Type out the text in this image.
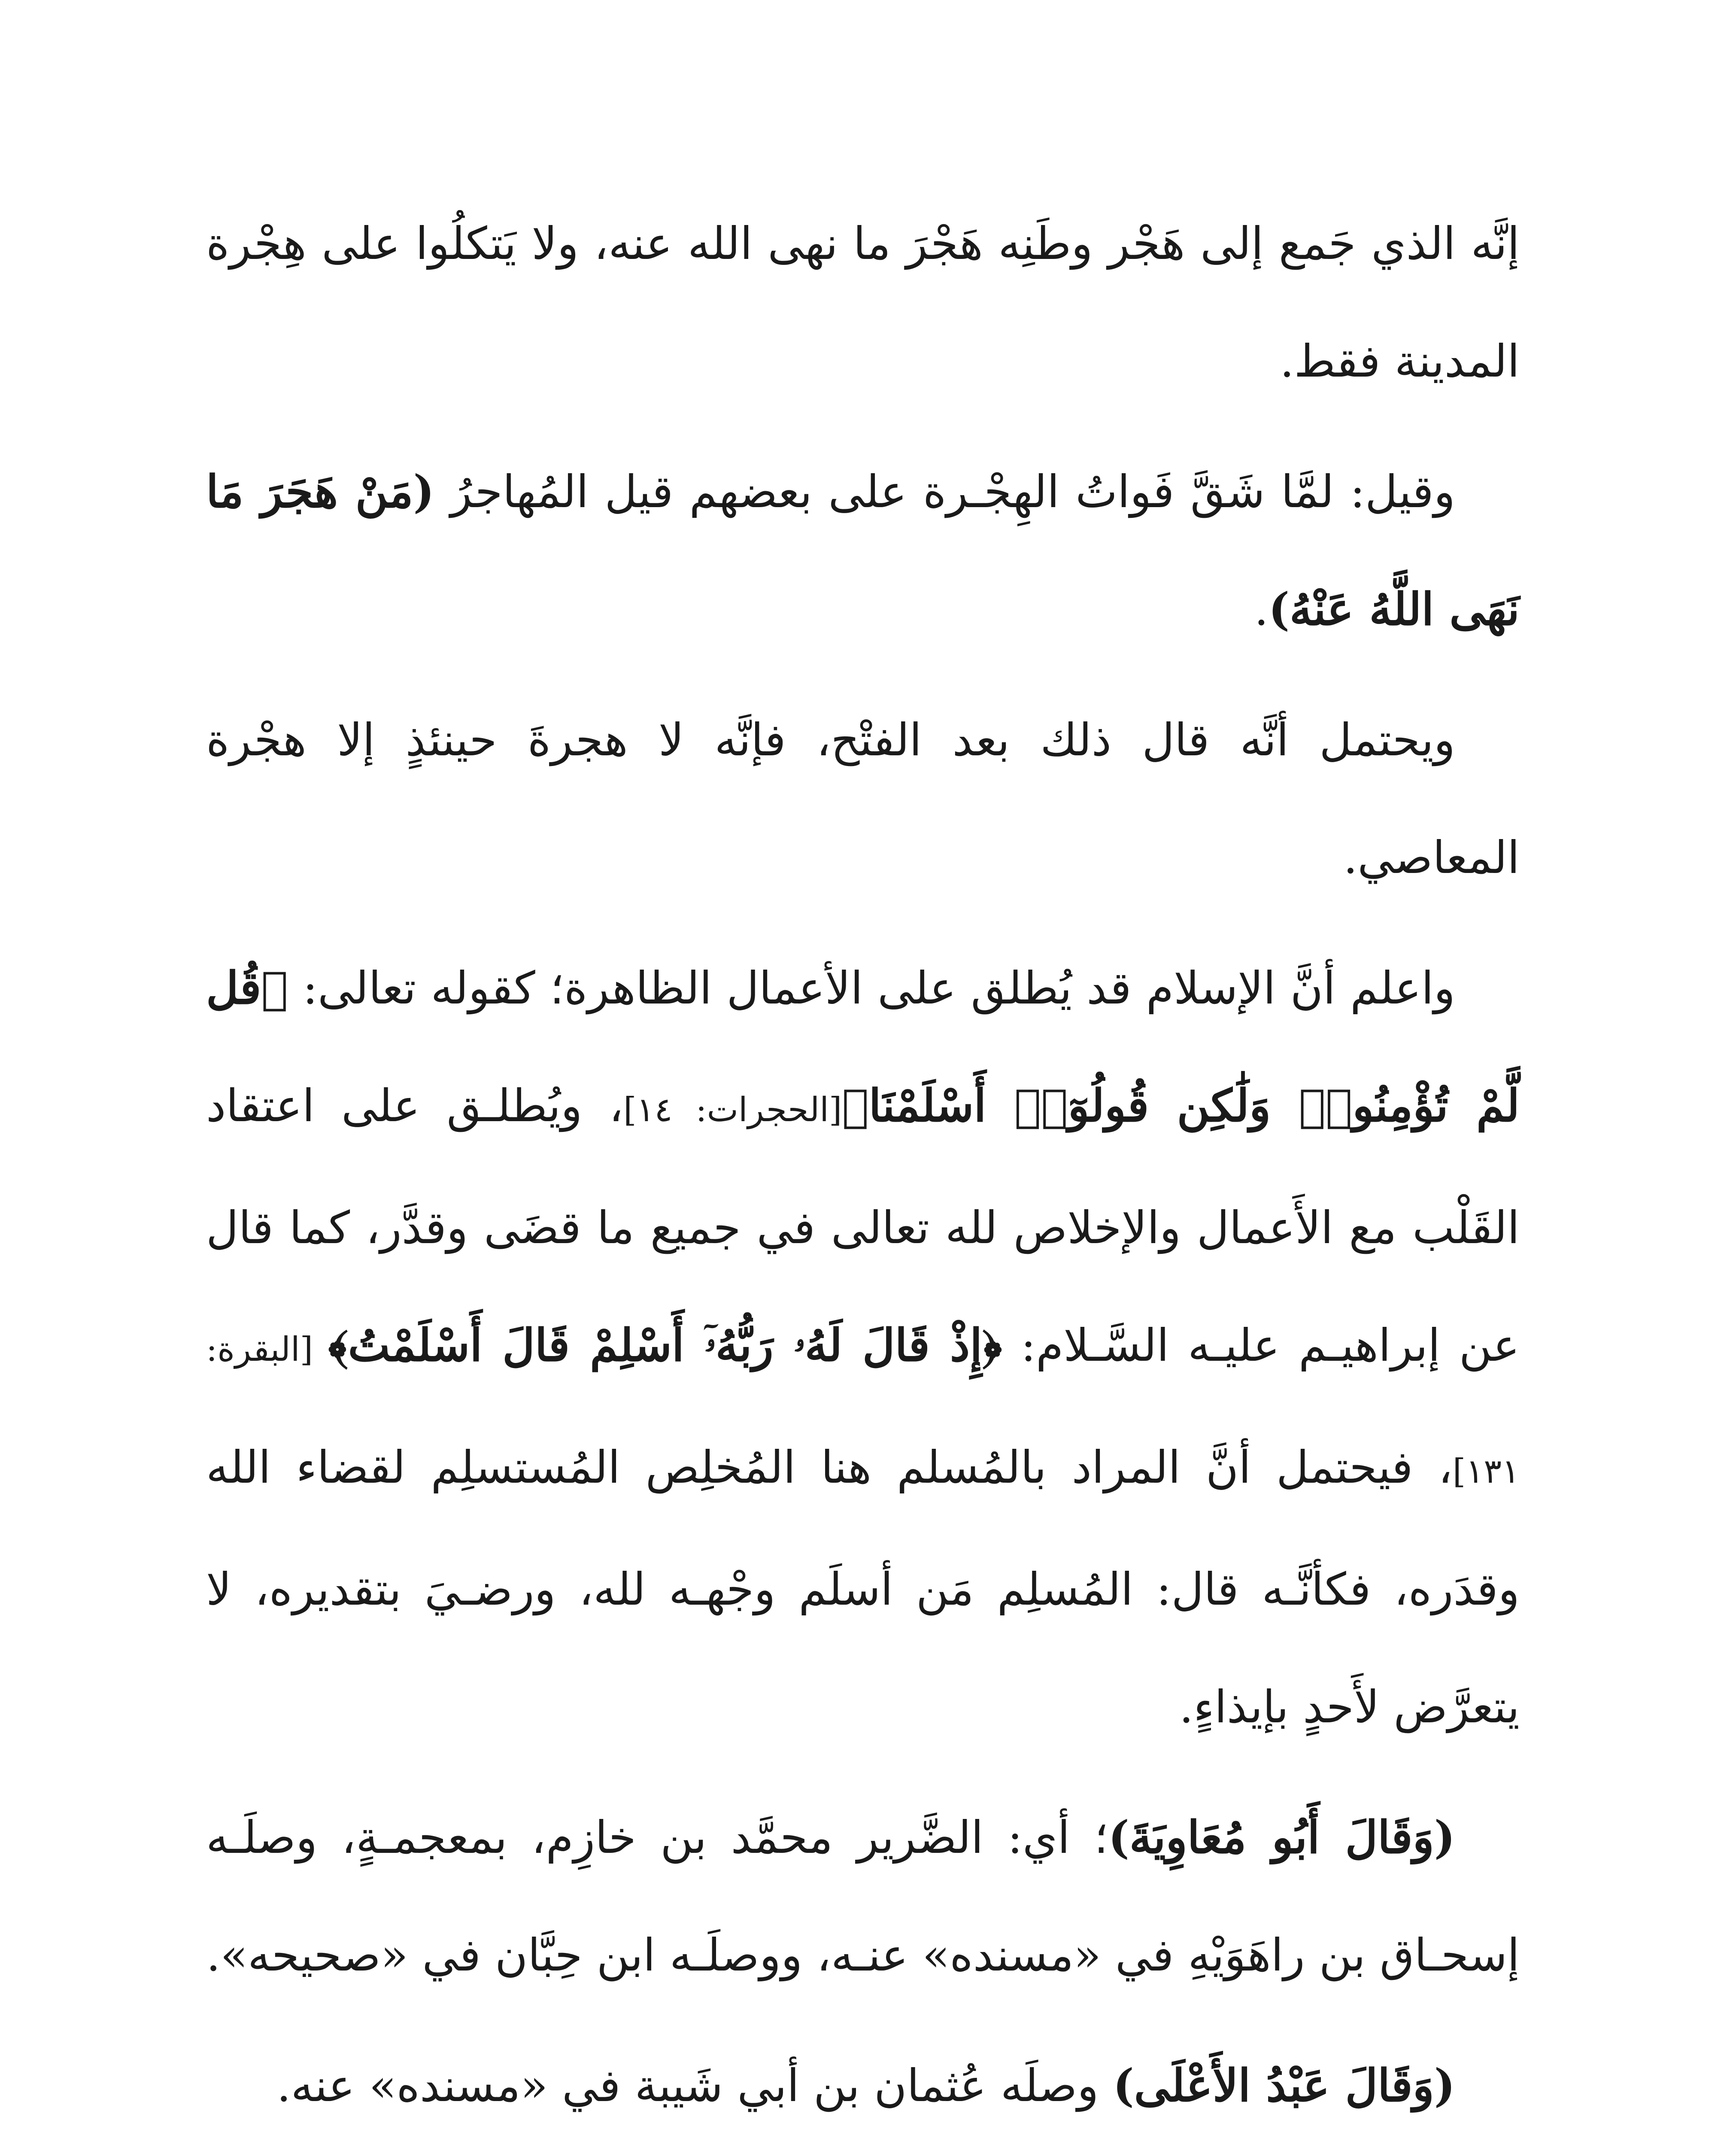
إنَّه الذي جَمع إلى هَجْر وطَنِه هَجْرَ ما نهى الله عنه، ولا يَتكلُوا على هِجْرة المدينة فقط.

وقيل: لمَّا شَقَّ فَواتُ الهِجْـرة على بعضهم قيل المُهاجرُ (مَنْ هَجَرَ مَا نَهَى اللَّهُ عَنْهُ).

ويحتمل أنَّه قال ذلك بعد الفتْح، فإنَّه لا هجرةَ حينئذٍ إلا هجْرة المعاصي.

واعلم أنَّ الإسلام قد يُطلق على الأعمال الظاهرة؛ كقوله تعالى: ﴿قُل لَّمْ تُؤْمِنُوا۟ وَلَٰكِن قُولُوٓا۟ أَسْلَمْنَا﴾[الحجرات: ١٤]، ويُطلـق على اعتقاد القَلْب مع الأَعمال والإخلاص لله تعالى في جميع ما قضَى وقدَّر، كما قال عن إبراهيـم عليـه السَّـلام: ﴿إِذْ قَالَ لَهُۥ رَبُّهُۥٓ أَسْلِمْ قَالَ أَسْلَمْتُ﴾ [البقرة: ١٣١]، فيحتمل أنَّ المراد بالمُسلم هنا المُخلِص المُستسلِم لقضاء الله وقدَره، فكأنَّـه قال: المُسلِم مَن أسلَم وجْهـه لله، ورضـيَ بتقديره، لا يتعرَّض لأَحدٍ بإيذاءٍ.

(وَقَالَ أَبُو مُعَاوِيَةَ)؛ أي: الضَّرير محمَّد بن خازِم، بمعجمـةٍ، وصلَـه إسحـاق بن راهَوَيْهِ في «مسنده» عنـه، ووصلَـه ابن حِبَّان في «صحيحه».

(وَقَالَ عَبْدُ الأَعْلَى) وصلَه عُثمان بن أبي شَيبة في «مسنده» عنه.
